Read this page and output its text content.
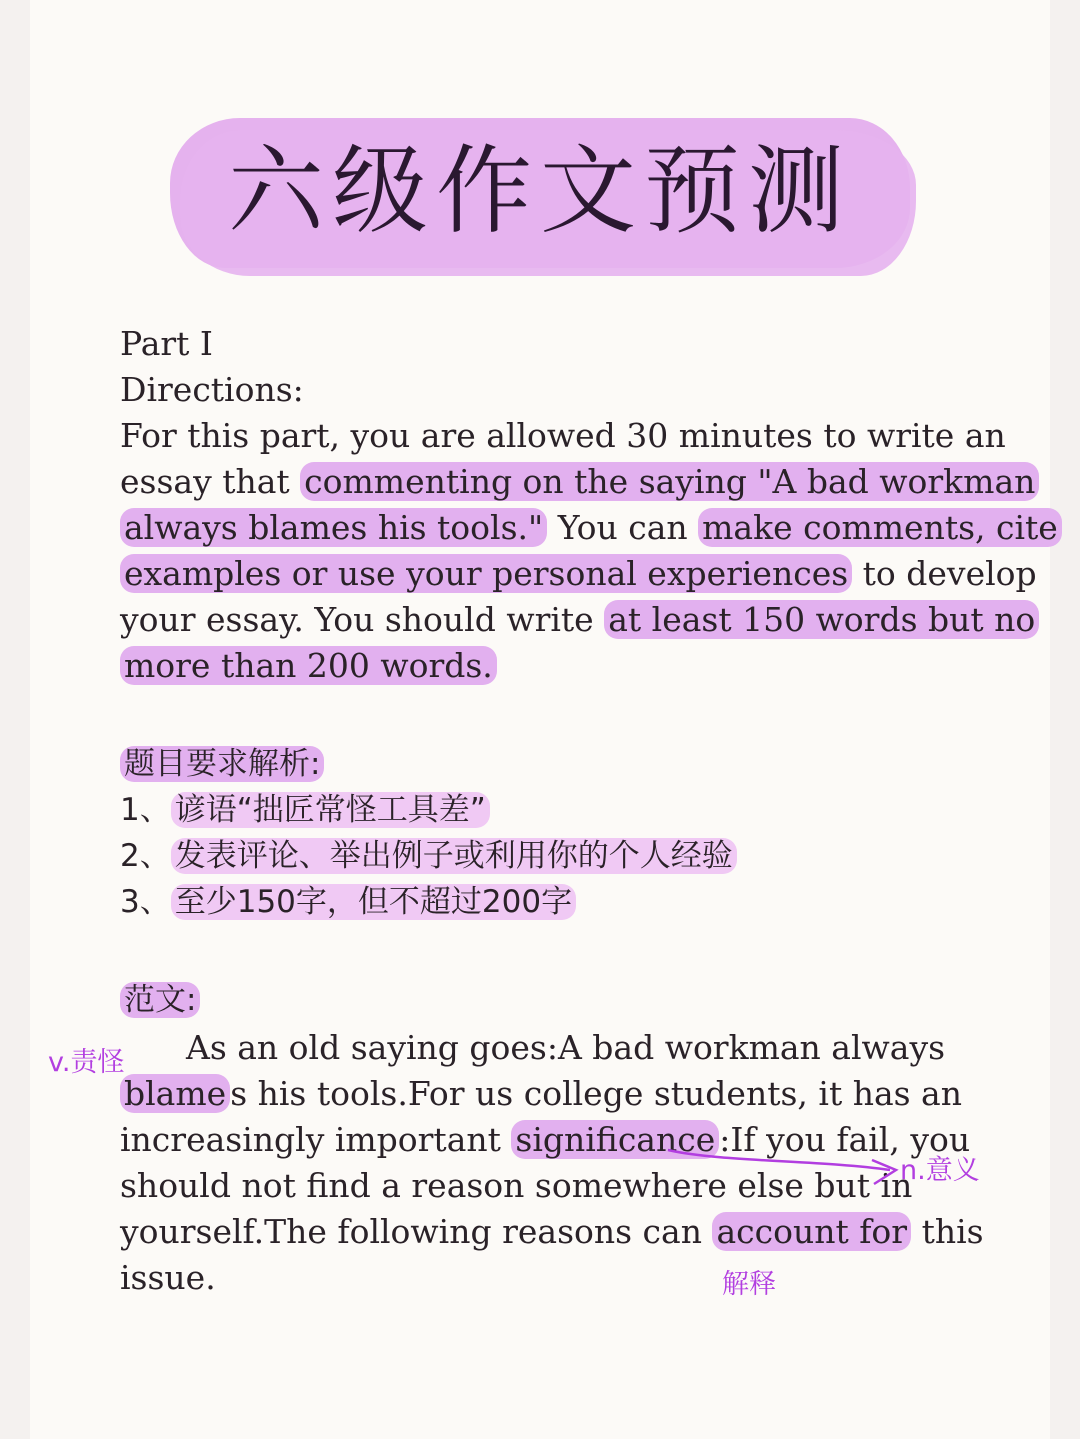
六级作文预测
Part I
Directions:
For this part, you are allowed 30 minutes to write an
essay that commenting on the saying "A bad workman
always blames his tools." You can make comments, cite
examples or use your personal experiences to develop
your essay. You should write at least 150 words but no
more than 200 words.
题目要求解析:
1、 谚语“拙匠常怪工具差”
2、 发表评论、举出例子或利用你的个人经验
3、 至少150字，但不超过200字
范文:
As an old saying goes:A bad workman always
blame s his tools.For us college students, it has an
increasingly important significance :If you fail, you
should not find a reason somewhere else but in
yourself.The following reasons can account for this
issue.
v.责怪
n.意义
解释
